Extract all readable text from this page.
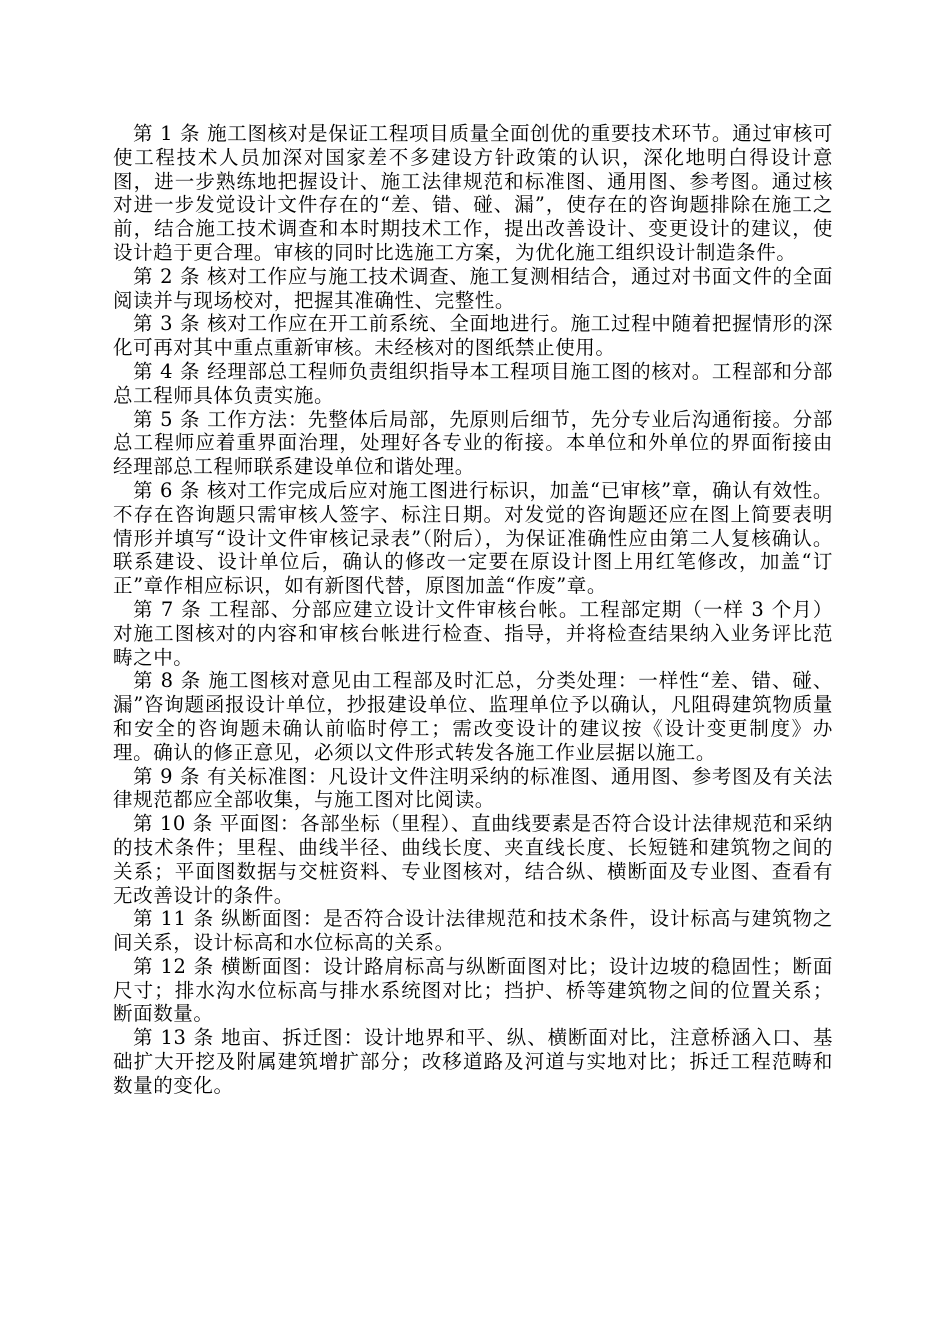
第 1 条 施工图核对是保证工程项目质量全面创优的重要技术环节。通过审核可使工程技术人员加深对国家差不多建设方针政策的认识，深化地明白得设计意图，进一步熟练地把握设计、施工法律规范和标准图、通用图、参考图。通过核对进一步发觉设计文件存在的“差、错、碰、漏”，使存在的咨询题排除在施工之前，结合施工技术调查和本时期技术工作，提出改善设计、变更设计的建议，使设计趋于更合理。审核的同时比选施工方案，为优化施工组织设计制造条件。

第 2 条 核对工作应与施工技术调查、施工复测相结合，通过对书面文件的全面阅读并与现场校对，把握其准确性、完整性。

第 3 条 核对工作应在开工前系统、全面地进行。施工过程中随着把握情形的深化可再对其中重点重新审核。未经核对的图纸禁止使用。

第 4 条 经理部总工程师负责组织指导本工程项目施工图的核对。工程部和分部总工程师具体负责实施。

第 5 条 工作方法：先整体后局部，先原则后细节，先分专业后沟通衔接。分部总工程师应着重界面治理，处理好各专业的衔接。本单位和外单位的界面衔接由经理部总工程师联系建设单位和谐处理。

第 6 条 核对工作完成后应对施工图进行标识，加盖“已审核”章，确认有效性。不存在咨询题只需审核人签字、标注日期。对发觉的咨询题还应在图上简要表明情形并填写“设计文件审核记录表”（附后），为保证准确性应由第二人复核确认。联系建设、设计单位后，确认的修改一定要在原设计图上用红笔修改，加盖“订正”章作相应标识，如有新图代替，原图加盖“作废”章。

第 7 条 工程部、分部应建立设计文件审核台帐。工程部定期（一样 3 个月）对施工图核对的内容和审核台帐进行检查、指导，并将检查结果纳入业务评比范畴之中。

第 8 条 施工图核对意见由工程部及时汇总，分类处理：一样性“差、错、碰、漏”咨询题函报设计单位，抄报建设单位、监理单位予以确认，凡阻碍建筑物质量和安全的咨询题未确认前临时停工；需改变设计的建议按《设计变更制度》办理。确认的修正意见，必须以文件形式转发各施工作业层据以施工。

第 9 条 有关标准图：凡设计文件注明采纳的标准图、通用图、参考图及有关法律规范都应全部收集，与施工图对比阅读。

第 10 条 平面图：各部坐标（里程）、直曲线要素是否符合设计法律规范和采纳的技术条件；里程、曲线半径、曲线长度、夹直线长度、长短链和建筑物之间的关系；平面图数据与交桩资料、专业图核对，结合纵、横断面及专业图、查看有无改善设计的条件。

第 11 条 纵断面图：是否符合设计法律规范和技术条件，设计标高与建筑物之间关系，设计标高和水位标高的关系。

第 12 条 横断面图：设计路肩标高与纵断面图对比；设计边坡的稳固性；断面尺寸；排水沟水位标高与排水系统图对比；挡护、桥等建筑物之间的位置关系；断面数量。

第 13 条 地亩、拆迁图：设计地界和平、纵、横断面对比，注意桥涵入口、基础扩大开挖及附属建筑增扩部分；改移道路及河道与实地对比；拆迁工程范畴和数量的变化。
